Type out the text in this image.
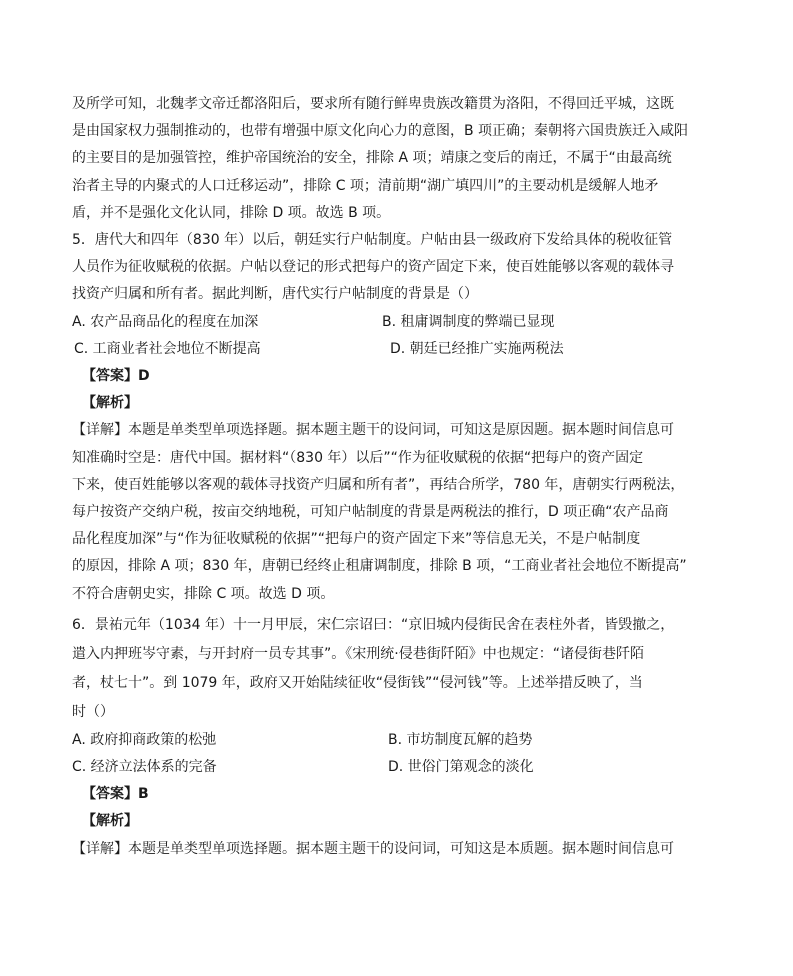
及所学可知，北魏孝文帝迁都洛阳后，要求所有随行鲜卑贵族改籍贯为洛阳，不得回迁平城，这既
是由国家权力强制推动的，也带有增强中原文化向心力的意图，B 项正确；秦朝将六国贵族迁入咸阳
的主要目的是加强管控，维护帝国统治的安全，排除 A 项；靖康之变后的南迁，不属于“由最高统
治者主导的内聚式的人口迁移运动”，排除 C 项；清前期“湖广填四川”的主要动机是缓解人地矛
盾，并不是强化文化认同，排除 D 项。故选 B 项。
5．唐代大和四年（830 年）以后，朝廷实行户帖制度。户帖由县一级政府下发给具体的税收征管
人员作为征收赋税的依据。户帖以登记的形式把每户的资产固定下来，使百姓能够以客观的载体寻
找资产归属和所有者。据此判断，唐代实行户帖制度的背景是（）
A. 农产品商品化的程度在加深	B. 租庸调制度的弊端已显现
C. 工商业者社会地位不断提高	D. 朝廷已经推广实施两税法
【答案】D
【解析】
【详解】本题是单类型单项选择题。据本题主题干的设问词，可知这是原因题。据本题时间信息可
知准确时空是：唐代中国。据材料“（830 年）以后”“作为征收赋税的依据“把每户的资产固定
下来，使百姓能够以客观的载体寻找资产归属和所有者”，再结合所学，780 年，唐朝实行两税法，
每户按资产交纳户税，按亩交纳地税，可知户帖制度的背景是两税法的推行，D 项正确“农产品商
品化程度加深”与“作为征收赋税的依据”“把每户的资产固定下来”等信息无关，不是户帖制度
的原因，排除 A 项；830 年，唐朝已经终止租庸调制度，排除 B 项，“工商业者社会地位不断提高”
不符合唐朝史实，排除 C 项。故选 D 项。
6．景祐元年（1034 年）十一月甲辰，宋仁宗诏曰：“京旧城内侵街民舍在表柱外者，皆毁撤之，
遣入内押班岑守素，与开封府一员专其事”。《宋刑统·侵巷街阡陌》中也规定：“诸侵街巷阡陌
者，杖七十”。到 1079 年，政府又开始陆续征收“侵街钱”“侵河钱”等。上述举措反映了，当
时（）
A. 政府抑商政策的松弛	B. 市坊制度瓦解的趋势
C. 经济立法体系的完备	D. 世俗门第观念的淡化
【答案】B
【解析】
【详解】本题是单类型单项选择题。据本题主题干的设问词，可知这是本质题。据本题时间信息可
